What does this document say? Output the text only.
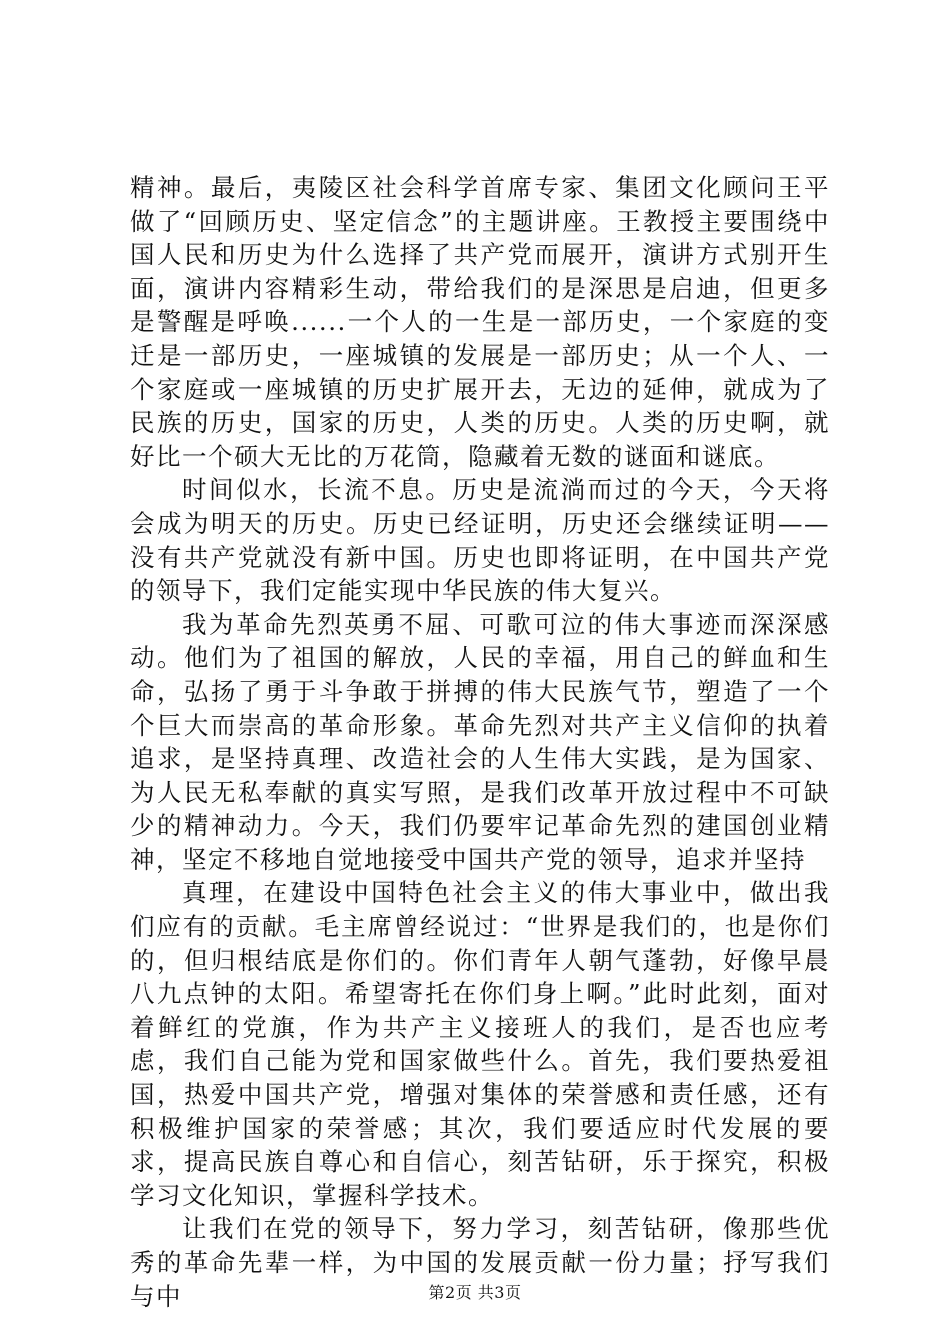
精神。最后，夷陵区社会科学首席专家、集团文化顾问王平做了“回顾历史、坚定信念”的主题讲座。王教授主要围绕中国人民和历史为什么选择了共产党而展开，演讲方式别开生面，演讲内容精彩生动，带给我们的是深思是启迪，但更多是警醒是呼唤......一个人的一生是一部历史，一个家庭的变迁是一部历史，一座城镇的发展是一部历史；从一个人、一个家庭或一座城镇的历史扩展开去，无边的延伸，就成为了民族的历史，国家的历史，人类的历史。人类的历史啊，就好比一个硕大无比的万花筒，隐藏着无数的谜面和谜底。

时间似水，长流不息。历史是流淌而过的今天，今天将会成为明天的历史。历史已经证明，历史还会继续证明——没有共产党就没有新中国。历史也即将证明，在中国共产党的领导下，我们定能实现中华民族的伟大复兴。

我为革命先烈英勇不屈、可歌可泣的伟大事迹而深深感动。他们为了祖国的解放，人民的幸福，用自己的鲜血和生命，弘扬了勇于斗争敢于拼搏的伟大民族气节，塑造了一个个巨大而崇高的革命形象。革命先烈对共产主义信仰的执着追求，是坚持真理、改造社会的人生伟大实践，是为国家、为人民无私奉献的真实写照，是我们改革开放过程中不可缺少的精神动力。今天，我们仍要牢记革命先烈的建国创业精神，坚定不移地自觉地接受中国共产党的领导，追求并坚持

真理，在建设中国特色社会主义的伟大事业中，做出我们应有的贡献。毛主席曾经说过：“世界是我们的，也是你们的，但归根结底是你们的。你们青年人朝气蓬勃，好像早晨八九点钟的太阳。希望寄托在你们身上啊。”此时此刻，面对着鲜红的党旗，作为共产主义接班人的我们，是否也应考虑，我们自己能为党和国家做些什么。首先，我们要热爱祖国，热爱中国共产党，增强对集体的荣誉感和责任感，还有积极维护国家的荣誉感；其次，我们要适应时代发展的要求，提高民族自尊心和自信心，刻苦钻研，乐于探究，积极学习文化知识，掌握科学技术。

让我们在党的领导下，努力学习，刻苦钻研，像那些优秀的革命先辈一样，为中国的发展贡献一份力量；抒写我们与中	第2页 共3页
